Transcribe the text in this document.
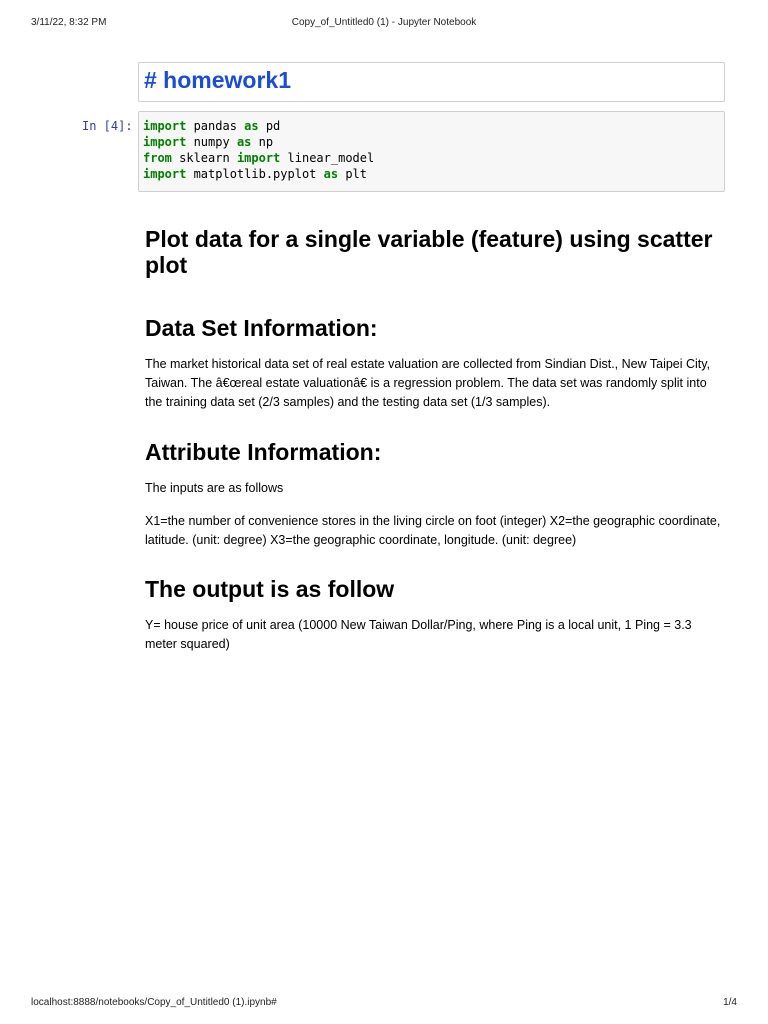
3/11/22, 8:32 PM	Copy_of_Untitled0 (1) - Jupyter Notebook
# homework1
In [4]: import pandas as pd
import numpy as np
from sklearn import linear_model
import matplotlib.pyplot as plt
Plot data for a single variable (feature) using scatter plot
Data Set Information:

The market historical data set of real estate valuation are collected from Sindian Dist., New Taipei City, Taiwan. The â€œreal estate valuationâ€ is a regression problem. The data set was randomly split into the training data set (2/3 samples) and the testing data set (1/3 samples).

Attribute Information:

The inputs are as follows

X1=the number of convenience stores in the living circle on foot (integer) X2=the geographic coordinate, latitude. (unit: degree) X3=the geographic coordinate, longitude. (unit: degree)

The output is as follow

Y= house price of unit area (10000 New Taiwan Dollar/Ping, where Ping is a local unit, 1 Ping = 3.3 meter squared)

localhost:8888/notebooks/Copy_of_Untitled0 (1).ipynb#	1/4
